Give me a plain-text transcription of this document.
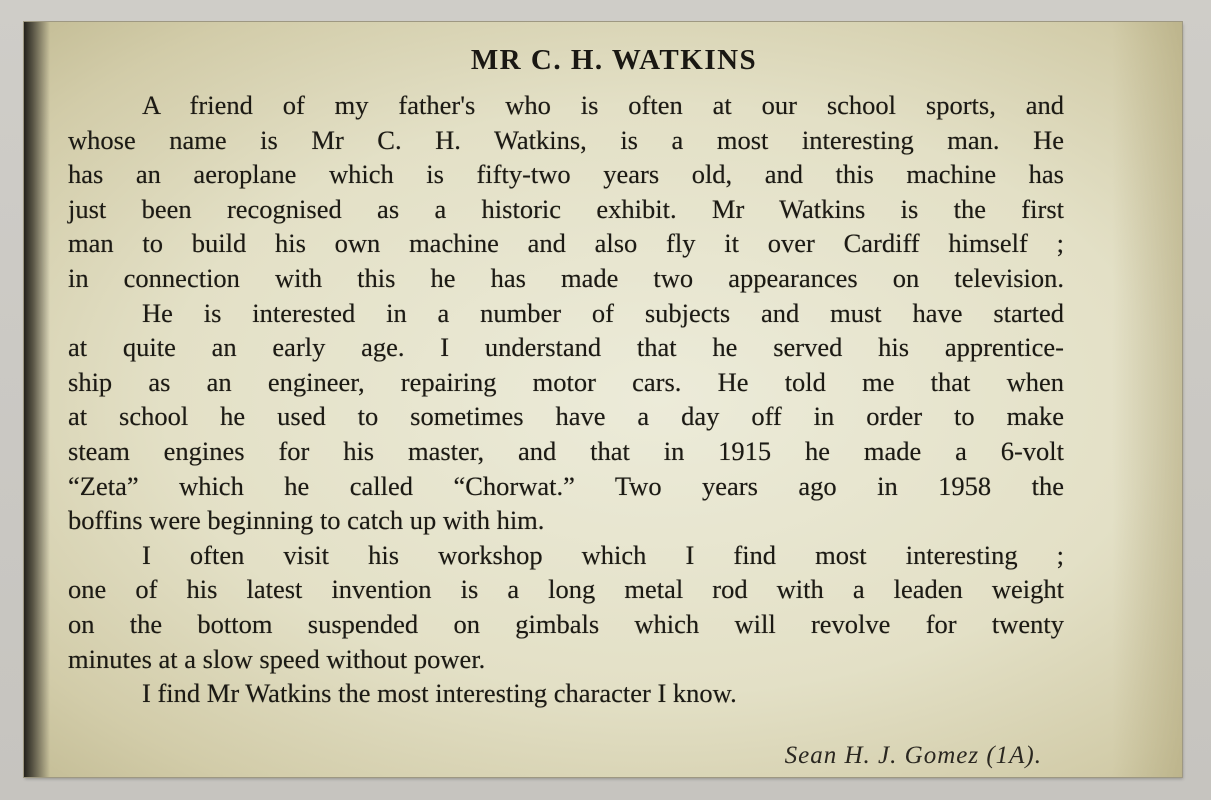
MR C. H. WATKINS

A friend of my father's who is often at our school sports, and
whose name is Mr C. H. Watkins, is a most interesting man. He
has an aeroplane which is fifty-two years old, and this machine has
just been recognised as a historic exhibit. Mr Watkins is the first
man to build his own machine and also fly it over Cardiff himself ;
in connection with this he has made two appearances on television.

He is interested in a number of subjects and must have started
at quite an early age. I understand that he served his apprentice-
ship as an engineer, repairing motor cars. He told me that when
at school he used to sometimes have a day off in order to make
steam engines for his master, and that in 1915 he made a 6-volt
“Zeta” which he called “Chorwat.” Two years ago in 1958 the
boffins were beginning to catch up with him.

I often visit his workshop which I find most interesting ;
one of his latest invention is a long metal rod with a leaden weight
on the bottom suspended on gimbals which will revolve for twenty
minutes at a slow speed without power.

I find Mr Watkins the most interesting character I know.

Sean H. J. Gomez (1A).
